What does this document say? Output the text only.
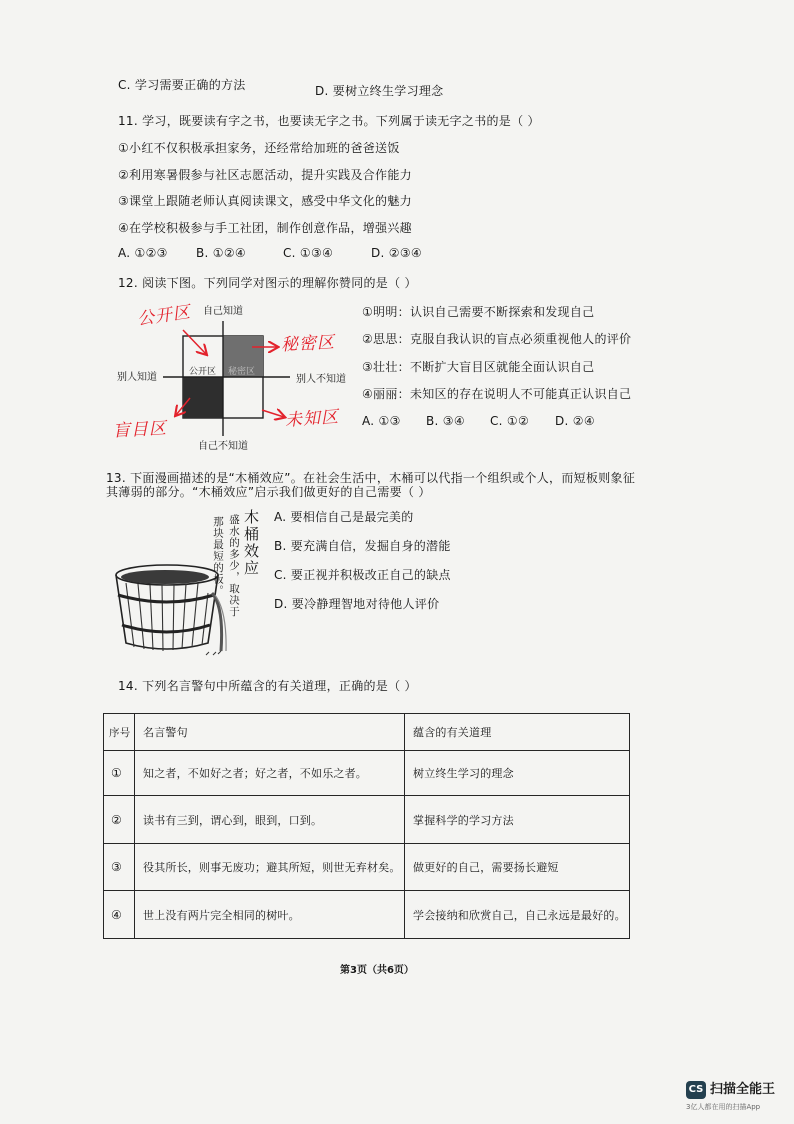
C. 学习需要正确的方法	D. 要树立终生学习理念
11. 学习，既要读有字之书，也要读无字之书。下列属于读无字之书的是（ ）
①小红不仅积极承担家务，还经常给加班的爸爸送饭
②利用寒暑假参与社区志愿活动，提升实践及合作能力
③课堂上跟随老师认真阅读课文，感受中华文化的魅力
④在学校积极参与手工社团，制作创意作品，增强兴趣
A. ①②③ B. ①②④	C. ①③④	D. ②③④
12. 阅读下图。下列同学对图示的理解你赞同的是（ ）
公开区 秘密区
自己知道
自己不知道
别人知道	别人不知道
公开区
秘密区
盲目区	未知区
①明明：认识自己需要不断探索和发现自己
②思思：克服自我认识的盲点必须重视他人的评价
③壮壮：不断扩大盲目区就能全面认识自己
④丽丽：未知区的存在说明人不可能真正认识自己
A. ①③ B. ③④ C. ①② D. ②④
13. 下面漫画描述的是“木桶效应”。在社会生活中，木桶可以代指一个组织或个人，而短板则象征
其薄弱的部分。“木桶效应”启示我们做更好的自己需要（ ）
木桶效应
盛水的多少，取决于
那块最短的板。	A. 要相信自己是最完美的
B. 要充满自信，发掘自身的潜能
C. 要正视并积极改正自己的缺点
D. 要冷静理智地对待他人评价
14. 下列名言警句中所蕴含的有关道理，正确的是（ ）
序号	名言警句	蕴含的有关道理
①	知之者，不如好之者；好之者，不如乐之者。	树立终生学习的理念
②	读书有三到，谓心到，眼到，口到。	掌握科学的学习方法
③	役其所长，则事无废功；避其所短，则世无弃材矣。	做更好的自己，需要扬长避短
④	世上没有两片完全相同的树叶。	学会接纳和欣赏自己，自己永远是最好的。
第3页（共6页）
CS 扫描全能王
3亿人都在用的扫描App
